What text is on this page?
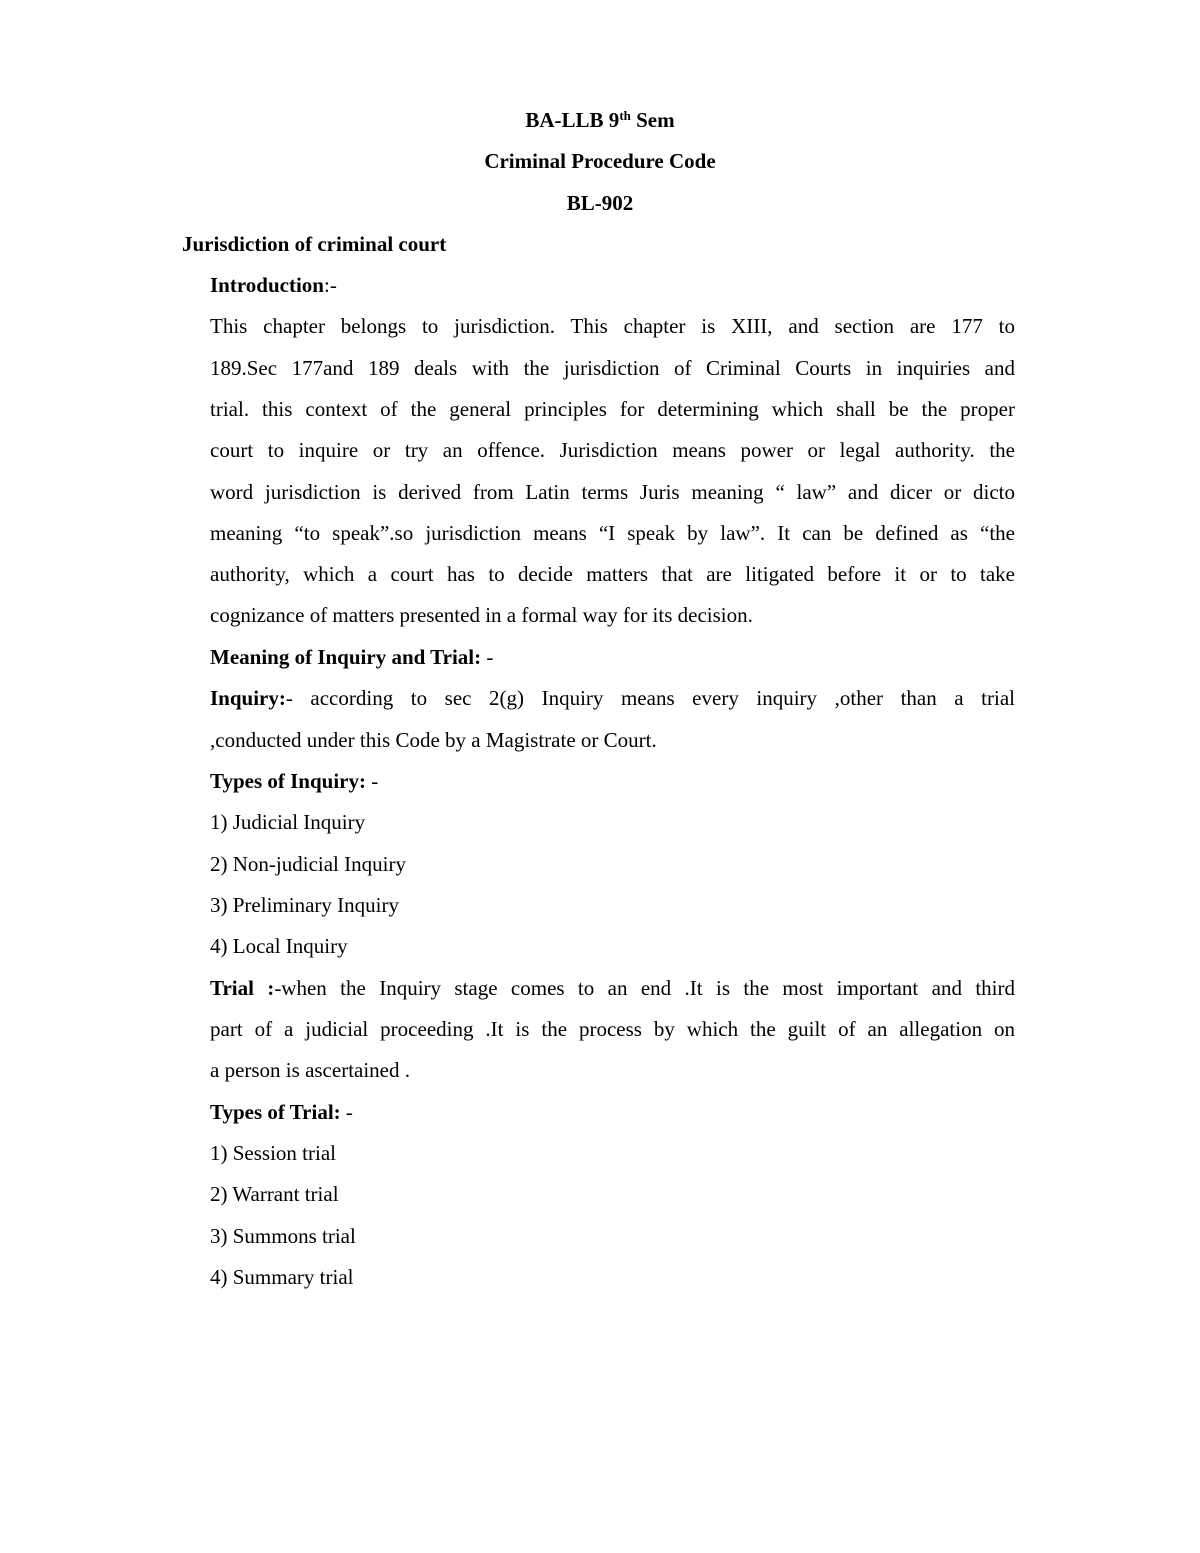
BA-LLB 9th Sem
Criminal Procedure Code
BL-902
Jurisdiction of criminal court
Introduction:-
This chapter belongs to jurisdiction. This chapter is XIII, and section are 177 to
189.Sec 177and 189 deals with the jurisdiction of Criminal Courts in inquiries and
trial. this context of the general principles for determining which shall be the proper
court to inquire or try an offence. Jurisdiction means power or legal authority. the
word jurisdiction is derived from Latin terms Juris meaning “ law” and dicer or dicto
meaning “to speak”.so jurisdiction means “I speak by law”. It can be defined as “the
authority, which a court has to decide matters that are litigated before it or to take
cognizance of matters presented in a formal way for its decision.
Meaning of Inquiry and Trial: -
Inquiry:- according to sec 2(g) Inquiry means every inquiry ,other than a trial
,conducted under this Code by a Magistrate or Court.
Types of Inquiry: -
1) Judicial Inquiry
2) Non-judicial Inquiry
3) Preliminary Inquiry
4) Local Inquiry
Trial :-when the Inquiry stage comes to an end .It is the most important and third
part of a judicial proceeding .It is the process by which the guilt of an allegation on
a person is ascertained .
Types of Trial: -
1) Session trial
2) Warrant trial
3) Summons trial
4) Summary trial
